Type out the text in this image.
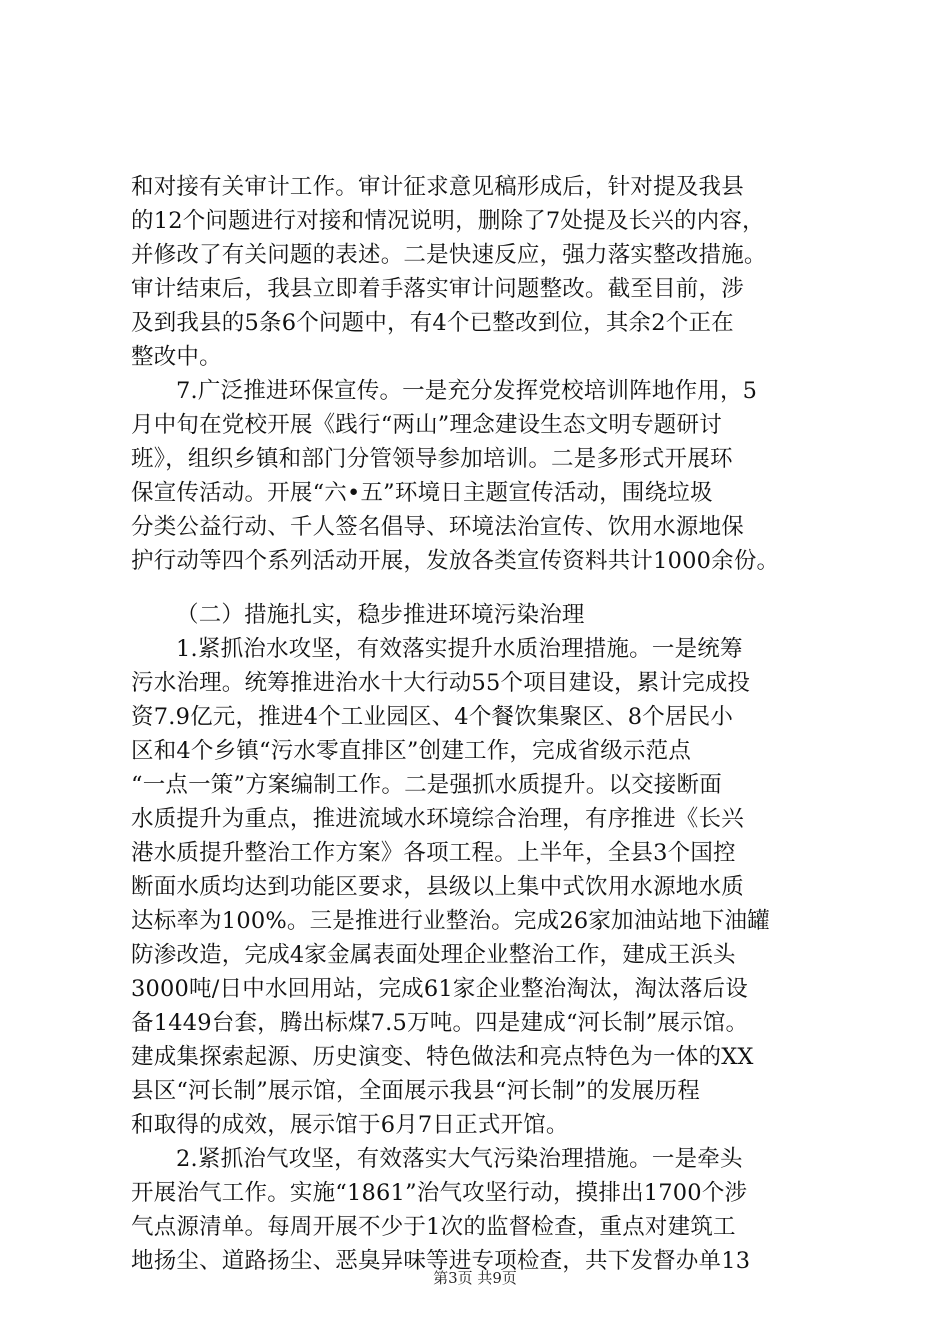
和对接有关审计工作。审计征求意见稿形成后，针对提及我县
的12个问题进行对接和情况说明，删除了7处提及长兴的内容，
并修改了有关问题的表述。二是快速反应，强力落实整改措施。
审计结束后，我县立即着手落实审计问题整改。截至目前，涉
及到我县的5条6个问题中，有4个已整改到位，其余2个正在
整改中。
7.广泛推进环保宣传。一是充分发挥党校培训阵地作用，5
月中旬在党校开展《践行“两山”理念建设生态文明专题研讨
班》，组织乡镇和部门分管领导参加培训。二是多形式开展环
保宣传活动。开展“六•五”环境日主题宣传活动，围绕垃圾
分类公益行动、千人签名倡导、环境法治宣传、饮用水源地保
护行动等四个系列活动开展，发放各类宣传资料共计1000余份。
（二）措施扎实，稳步推进环境污染治理
1.紧抓治水攻坚，有效落实提升水质治理措施。一是统筹
污水治理。统筹推进治水十大行动55个项目建设，累计完成投
资7.9亿元，推进4个工业园区、4个餐饮集聚区、8个居民小
区和4个乡镇“污水零直排区”创建工作，完成省级示范点
“一点一策”方案编制工作。二是强抓水质提升。以交接断面
水质提升为重点，推进流域水环境综合治理，有序推进《长兴
港水质提升整治工作方案》各项工程。上半年，全县3个国控
断面水质均达到功能区要求，县级以上集中式饮用水源地水质
达标率为100%。三是推进行业整治。完成26家加油站地下油罐
防渗改造，完成4家金属表面处理企业整治工作，建成王浜头
3000吨/日中水回用站，完成61家企业整治淘汰，淘汰落后设
备1449台套，腾出标煤7.5万吨。四是建成“河长制”展示馆。
建成集探索起源、历史演变、特色做法和亮点特色为一体的XX
县区“河长制”展示馆，全面展示我县“河长制”的发展历程
和取得的成效，展示馆于6月7日正式开馆。
2.紧抓治气攻坚，有效落实大气污染治理措施。一是牵头
开展治气工作。实施“1861”治气攻坚行动，摸排出1700个涉
气点源清单。每周开展不少于1次的监督检查，重点对建筑工
地扬尘、道路扬尘、恶臭异味等进专项检查，共下发督办单13
第3页 共9页
